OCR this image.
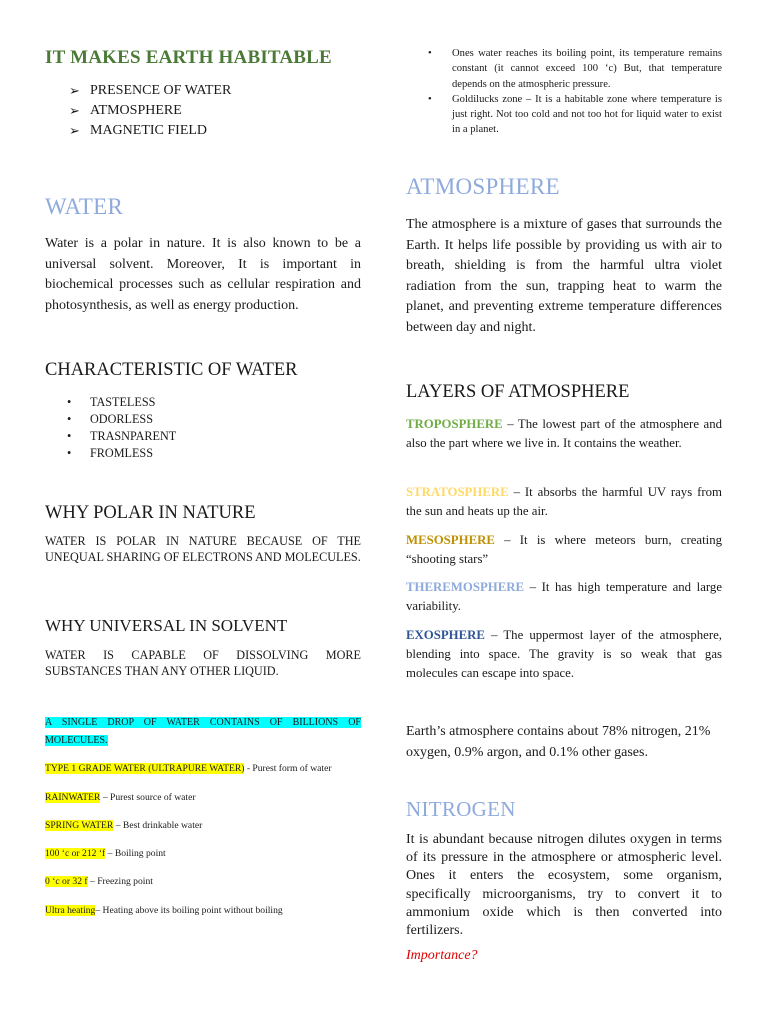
IT MAKES EARTH HABITABLE
➢ PRESENCE OF WATER
➢ ATMOSPHERE
➢ MAGNETIC FIELD
WATER

Water is a polar in nature. It is also known to be a universal solvent. Moreover, It is important in biochemical processes such as cellular respiration and photosynthesis, as well as energy production.

CHARACTERISTIC OF WATER
• TASTELESS
• ODORLESS
• TRASNPARENT
• FROMLESS
WHY POLAR IN NATURE

WATER IS POLAR IN NATURE BECAUSE OF THE UNEQUAL SHARING OF ELECTRONS AND MOLECULES.

WHY UNIVERSAL IN SOLVENT

WATER IS CAPABLE OF DISSOLVING MORE SUBSTANCES THAN ANY OTHER LIQUID.

A SINGLE DROP OF WATER CONTAINS OF BILLIONS OF MOLECULES.

TYPE 1 GRADE WATER (ULTRAPURE WATER) - Purest form of water

RAINWATER – Purest source of water

SPRING WATER – Best drinkable water

100 ‘c or 212 ‘f – Boiling point

0 ‘c or 32 f – Freezing point

Ultra heating– Heating above its boiling point without boiling

• Ones water reaches its boiling point, its temperature remains constant (it cannot exceed 100 ‘c) But, that temperature depends on the atmospheric pressure.
• Goldilucks zone – It is a habitable zone where temperature is just right. Not too cold and not too hot for liquid water to exist in a planet.
ATMOSPHERE

The atmosphere is a mixture of gases that surrounds the Earth. It helps life possible by providing us with air to breath, shielding is from the harmful ultra violet radiation from the sun, trapping heat to warm the planet, and preventing extreme temperature differences between day and night.

LAYERS OF ATMOSPHERE

TROPOSPHERE – The lowest part of the atmosphere and also the part where we live in. It contains the weather.

STRATOSPHERE – It absorbs the harmful UV rays from the sun and heats up the air.

MESOSPHERE – It is where meteors burn, creating “shooting stars”

THEREMOSPHERE – It has high temperature and large variability.

EXOSPHERE – The uppermost layer of the atmosphere, blending into space. The gravity is so weak that gas molecules can escape into space.

Earth’s atmosphere contains about 78% nitrogen, 21% oxygen, 0.9% argon, and 0.1% other gases.

NITROGEN

It is abundant because nitrogen dilutes oxygen in terms of its pressure in the atmosphere or atmospheric level. Ones it enters the ecosystem, some organism, specifically microorganisms, try to convert it to ammonium oxide which is then converted into fertilizers.

Importance?
